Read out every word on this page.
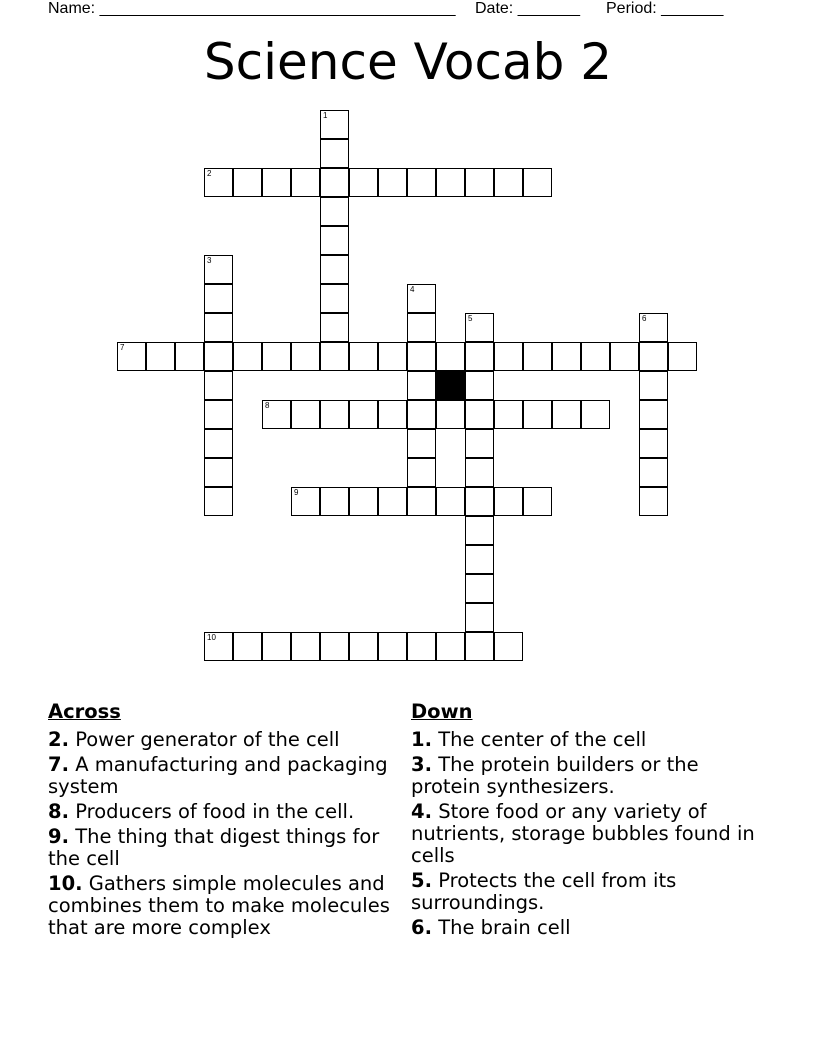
Name: ________________________________________ Date: _______ Period: _______
Science Vocab 2
1
2
3
4
5	6
7
8
9
10
Across
2. Power generator of the cell
7. A manufacturing and packaging system
8. Producers of food in the cell.
9. The thing that digest things for the cell
10. Gathers simple molecules and combines them to make molecules that are more complex
Down
1. The center of the cell
3. The protein builders or the protein synthesizers.
4. Store food or any variety of nutrients, storage bubbles found in cells
5. Protects the cell from its surroundings.
6. The brain cell
